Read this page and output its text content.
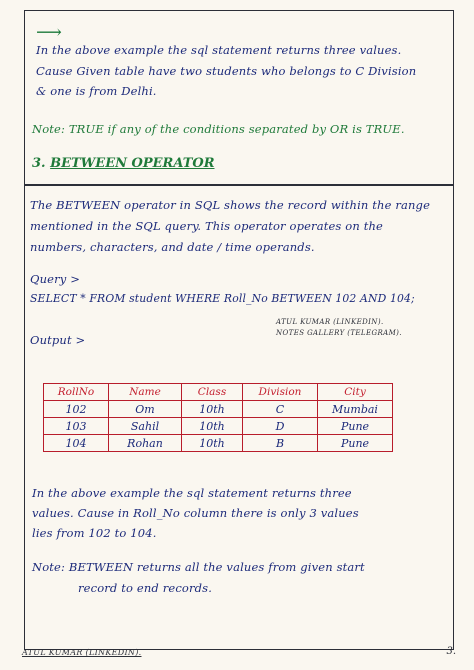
⟶
In the above example the sql statement returns three values.
Cause Given table have two students who belongs to C Division
& one is from Delhi.
Note: TRUE if any of the conditions separated by OR is TRUE.
3. BETWEEN OPERATOR
The BETWEEN operator in SQL shows the record within the range
mentioned in the SQL query. This operator operates on the
numbers, characters, and date / time operands.
Query >
SELECT * FROM student WHERE Roll_No BETWEEN 102 AND 104;
ATUL KUMAR (LINKEDIN).
NOTES GALLERY (TELEGRAM).
Output >
RollNo	Name	Class	Division	City
102	Om	10th	C	Mumbai
103	Sahil	10th	D	Pune
104	Rohan	10th	B	Pune
In the above example the sql statement returns three
values. Cause in Roll_No column there is only 3 values
lies from 102 to 104.
Note: BETWEEN returns all the values from given start
record to end records.
ATUL KUMAR (LINKEDIN).	3.
